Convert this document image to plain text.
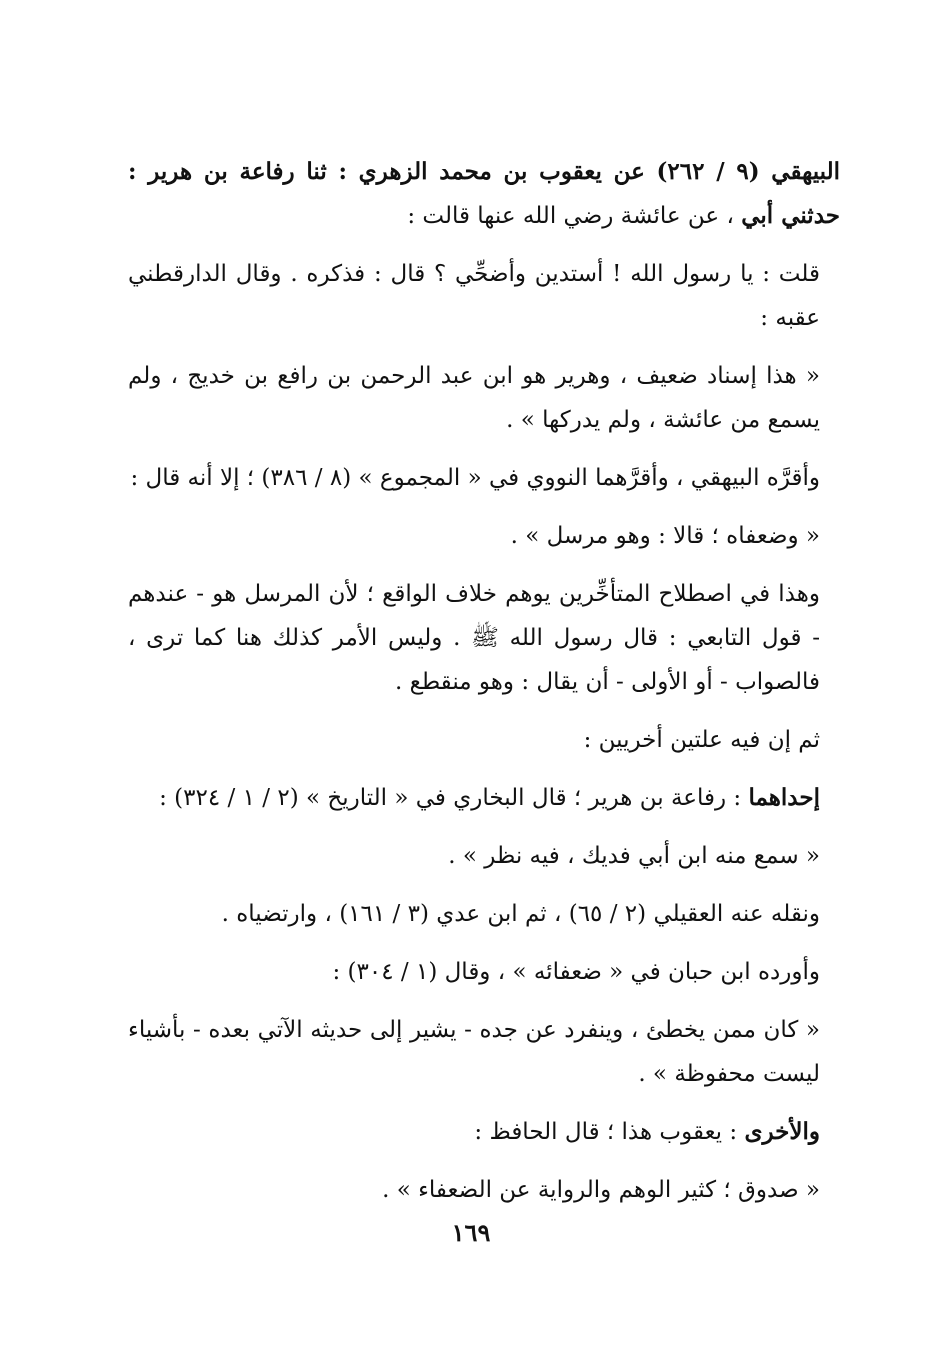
البيهقي (٩ / ٢٦٢) عن يعقوب بن محمد الزهري : ثنا رفاعة بن هرير : حدثني أبي ، عن عائشة رضي الله عنها قالت :

قلت : يا رسول الله ! أستدين وأضحِّي ؟ قال : فذكره . وقال الدارقطني عقبه :

« هذا إسناد ضعيف ، وهرير هو ابن عبد الرحمن بن رافع بن خديج ، ولم يسمع من عائشة ، ولم يدركها » .

وأقرَّه البيهقي ، وأقرَّهما النووي في « المجموع » (٨ / ٣٨٦) ؛ إلا أنه قال :

« وضعفاه ؛ قالا : وهو مرسل » .

وهذا في اصطلاح المتأخِّرين يوهم خلاف الواقع ؛ لأن المرسل هو - عندهم - قول التابعي : قال رسول الله ﷺ . وليس الأمر كذلك هنا كما ترى ، فالصواب - أو الأولى - أن يقال : وهو منقطع .

ثم إن فيه علتين أخريين :

إحداهما : رفاعة بن هرير ؛ قال البخاري في « التاريخ » (٢ / ١ / ٣٢٤) :

« سمع منه ابن أبي فديك ، فيه نظر » .

ونقله عنه العقيلي (٢ / ٦٥) ، ثم ابن عدي (٣ / ١٦١) ، وارتضياه .

وأورده ابن حبان في « ضعفائه » ، وقال (١ / ٣٠٤) :

« كان ممن يخطئ ، وينفرد عن جده - يشير إلى حديثه الآتي بعده - بأشياء ليست محفوظة » .

والأخرى : يعقوب هذا ؛ قال الحافظ :

« صدوق ؛ كثير الوهم والرواية عن الضعفاء » .

١٦٩
